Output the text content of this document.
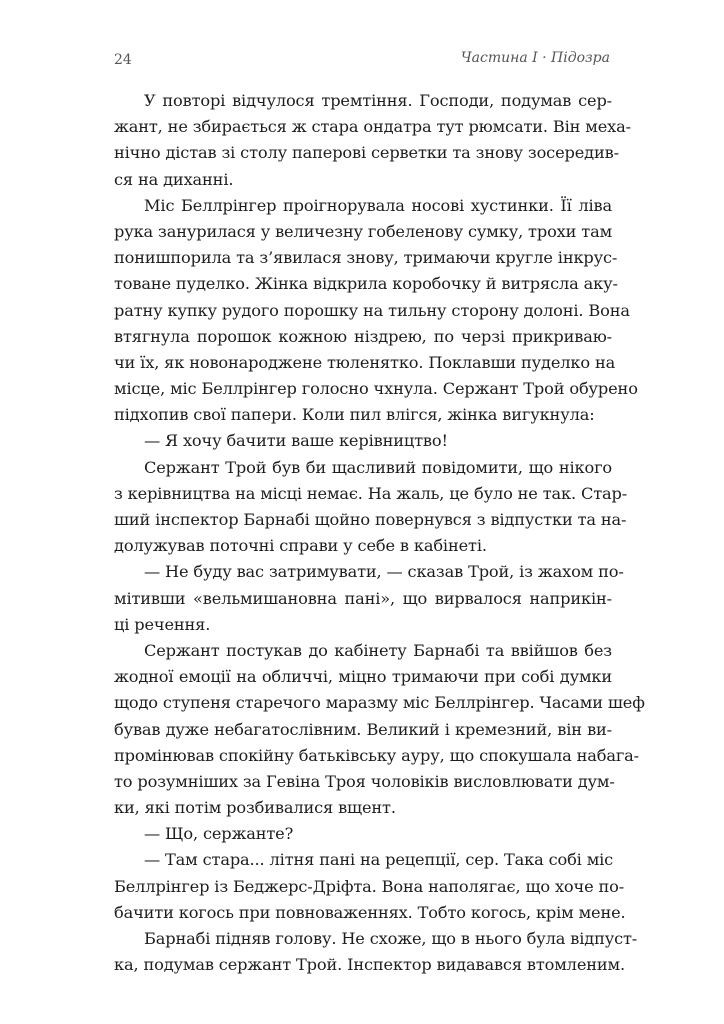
24	Частина І · Підозра
У повторі відчулося тремтіння. Господи, подумав сер-
жант, не збирається ж стара ондатра тут рюмсати. Він меха-
нічно дістав зі столу паперові серветки та знову зосередив-
ся на диханні.
Міс Беллрінгер проігнорувала носові хустинки. Її ліва
рука занурилася у величезну гобеленову сумку, трохи там
понишпорила та з’явилася знову, тримаючи кругле інкрус-
товане пуделко. Жінка відкрила коробочку й витрясла аку-
ратну купку рудого порошку на тильну сторону долоні. Вона
втягнула порошок кожною ніздрею, по черзі прикриваю-
чи їх, як новонароджене тюленятко. Поклавши пуделко на
місце, міс Беллрінгер голосно чхнула. Сержант Трой обурено
підхопив свої папери. Коли пил влігся, жінка вигукнула:
— Я хочу бачити ваше керівництво!
Сержант Трой був би щасливий повідомити, що нікого
з керівництва на місці немає. На жаль, це було не так. Стар-
ший інспектор Барнабі щойно повернувся з відпустки та на-
долужував поточні справи у себе в кабінеті.
— Не буду вас затримувати, — сказав Трой, із жахом по-
мітивши «вельмишановна пані», що вирвалося наприкін-
ці речення.
Сержант постукав до кабінету Барнабі та ввійшов без
жодної емоції на обличчі, міцно тримаючи при собі думки
щодо ступеня старечого маразму міс Беллрінгер. Часами шеф
бував дуже небагатослівним. Великий і кремезний, він ви-
промінював спокійну батьківську ауру, що спокушала набага-
то розумніших за Гевіна Троя чоловіків висловлювати дум-
ки, які потім розбивалися вщент.
— Що, сержанте?
— Там стара... літня пані на рецепції, сер. Така собі міс
Беллрінгер із Беджерс-Дріфта. Вона наполягає, що хоче по-
бачити когось при повноваженнях. Тобто когось, крім мене.
Барнабі підняв голову. Не схоже, що в нього була відпуст-
ка, подумав сержант Трой. Інспектор видавався втомленим.
